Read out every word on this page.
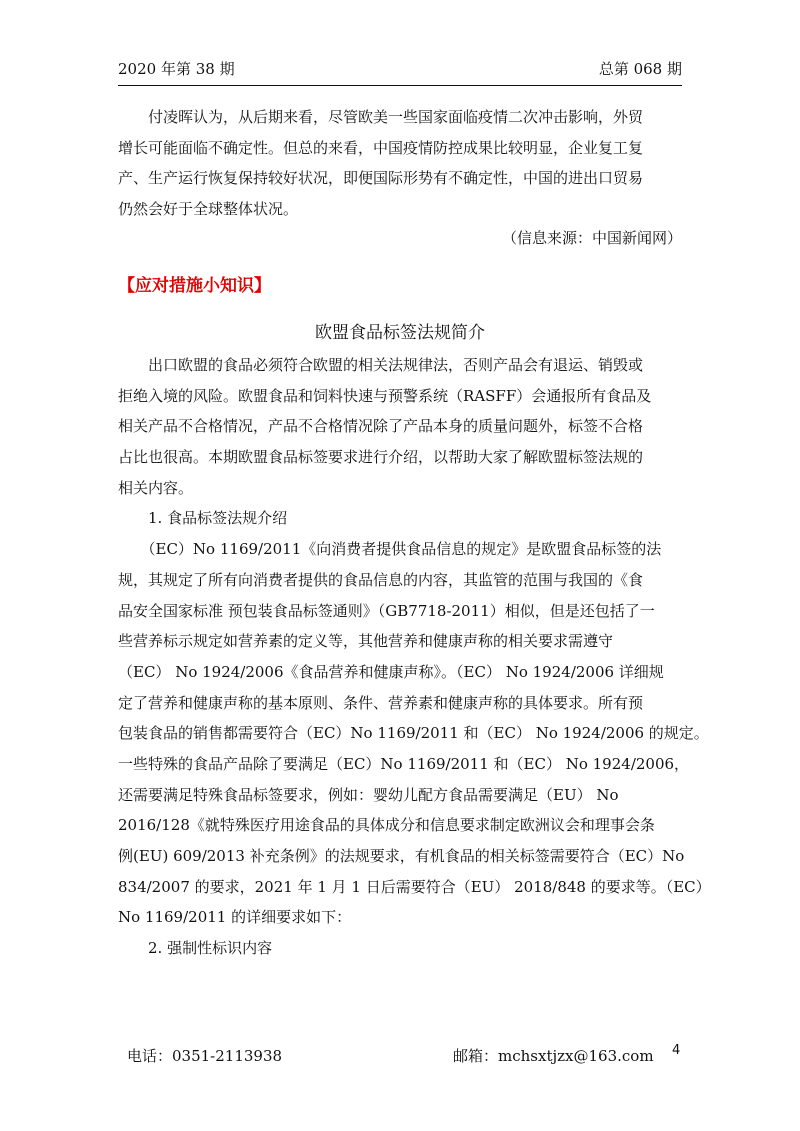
2020 年第 38 期	总第 068 期
　　付凌晖认为，从后期来看，尽管欧美一些国家面临疫情二次冲击影响，外贸
增长可能面临不确定性。但总的来看，中国疫情防控成果比较明显，企业复工复
产、生产运行恢复保持较好状况，即便国际形势有不确定性，中国的进出口贸易
仍然会好于全球整体状况。
（信息来源：中国新闻网）
【应对措施小知识】
欧盟食品标签法规简介
　　出口欧盟的食品必须符合欧盟的相关法规律法，否则产品会有退运、销毁或
拒绝入境的风险。欧盟食品和饲料快速与预警系统（RASFF）会通报所有食品及
相关产品不合格情况，产品不合格情况除了产品本身的质量问题外，标签不合格
占比也很高。本期欧盟食品标签要求进行介绍，以帮助大家了解欧盟标签法规的
相关内容。
　　1. 食品标签法规介绍
　　（EC）No 1169/2011《向消费者提供食品信息的规定》是欧盟食品标签的法
规，其规定了所有向消费者提供的食品信息的内容，其监管的范围与我国的《食
品安全国家标准 预包装食品标签通则》（GB7718-2011）相似，但是还包括了一
些营养标示规定如营养素的定义等，其他营养和健康声称的相关要求需遵守
（EC） No 1924/2006《食品营养和健康声称》。（EC） No 1924/2006 详细规
定了营养和健康声称的基本原则、条件、营养素和健康声称的具体要求。所有预
包装食品的销售都需要符合（EC）No 1169/2011 和（EC） No 1924/2006 的规定。
一些特殊的食品产品除了要满足（EC）No 1169/2011 和（EC） No 1924/2006，
还需要满足特殊食品标签要求，例如：婴幼儿配方食品需要满足（EU） No
2016/128《就特殊医疗用途食品的具体成分和信息要求制定欧洲议会和理事会条
例(EU) 609/2013 补充条例》的法规要求，有机食品的相关标签需要符合（EC）No
834/2007 的要求，2021 年 1 月 1 日后需要符合（EU） 2018/848 的要求等。（EC）
No 1169/2011 的详细要求如下：
　　2. 强制性标识内容
电话：0351-2113938	邮箱：mchsxtjzx@163.com 4
